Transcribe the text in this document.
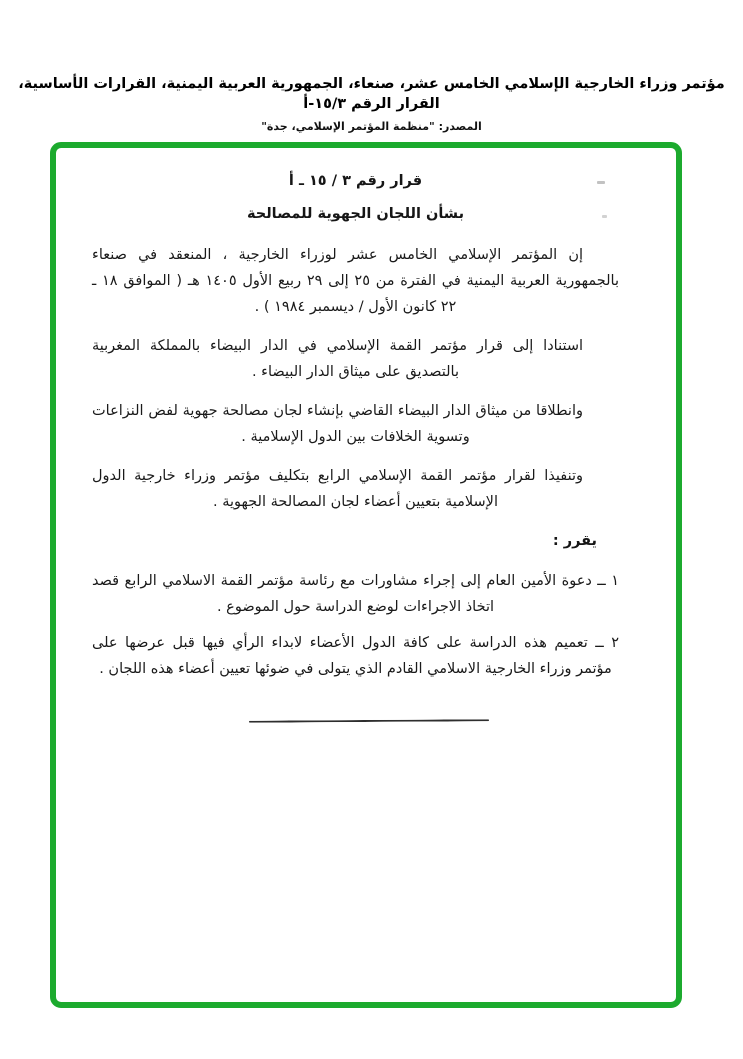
مؤتمر وزراء الخارجية الإسلامي الخامس عشر، صنعاء، الجمهورية العربية اليمنية، القرارات الأساسية، القرار الرقم ٣‏/‏١٥-أ
المصدر: "منظمة المؤتمر الإسلامي، جدة"
قرار رقم ٣ / ١٥ ـ أ
بشأن اللجان الجهوية للمصالحة

إن المؤتمر الإسلامي الخامس عشر لوزراء الخارجية ، المنعقد في صنعاء بالجمهورية العربية اليمنية في الفترة من ٢٥ إلى ٢٩ ربيع الأول ١٤٠٥ هـ ( الموافق ١٨ ـ ٢٢ كانون الأول / ديسمبر ١٩٨٤ ) .

استنادا إلى قرار مؤتمر القمة الإسلامي في الدار البيضاء بالمملكة المغربية بالتصديق على ميثاق الدار البيضاء .

وانطلاقا من ميثاق الدار البيضاء القاضي بإنشاء لجان مصالحة جهوية لفض النزاعات وتسوية الخلافات بين الدول الإسلامية .

وتنفيذا لقرار مؤتمر القمة الإسلامي الرابع بتكليف مؤتمر وزراء خارجية الدول الإسلامية بتعيين أعضاء لجان المصالحة الجهوية .

يقرر :

١ ــ دعوة الأمين العام إلى إجراء مشاورات مع رئاسة مؤتمر القمة الاسلامي الرابع قصد اتخاذ الاجراءات لوضع الدراسة حول الموضوع .

٢ ــ تعميم هذه الدراسة على كافة الدول الأعضاء لابداء الرأي فيها قبل عرضها على مؤتمر وزراء الخارجية الاسلامي القادم الذي يتولى في ضوئها تعيين أعضاء هذه اللجان .
